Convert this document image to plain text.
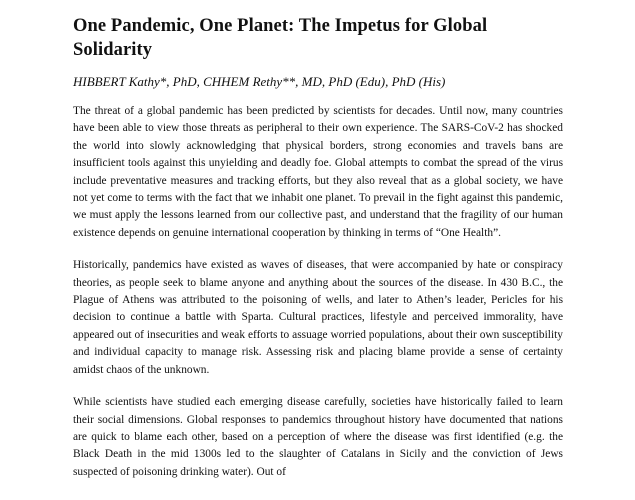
One Pandemic, One Planet: The Impetus for Global Solidarity

HIBBERT Kathy*, PhD, CHHEM Rethy**, MD, PhD (Edu), PhD (His)

The threat of a global pandemic has been predicted by scientists for decades. Until now, many countries have been able to view those threats as peripheral to their own experience. The SARS-CoV-2 has shocked the world into slowly acknowledging that physical borders, strong economies and travels bans are insufficient tools against this unyielding and deadly foe. Global attempts to combat the spread of the virus include preventative measures and tracking efforts, but they also reveal that as a global society, we have not yet come to terms with the fact that we inhabit one planet. To prevail in the fight against this pandemic, we must apply the lessons learned from our collective past, and understand that the fragility of our human existence depends on genuine international cooperation by thinking in terms of “One Health”.

Historically, pandemics have existed as waves of diseases, that were accompanied by hate or conspiracy theories, as people seek to blame anyone and anything about the sources of the disease. In 430 B.C., the Plague of Athens was attributed to the poisoning of wells, and later to Athen’s leader, Pericles for his decision to continue a battle with Sparta. Cultural practices, lifestyle and perceived immorality, have appeared out of insecurities and weak efforts to assuage worried populations, about their own susceptibility and individual capacity to manage risk. Assessing risk and placing blame provide a sense of certainty amidst chaos of the unknown.

While scientists have studied each emerging disease carefully, societies have historically failed to learn their social dimensions. Global responses to pandemics throughout history have documented that nations are quick to blame each other, based on a perception of where the disease was first identified (e.g. the Black Death in the mid 1300s led to the slaughter of Catalans in Sicily and the conviction of Jews suspected of poisoning drinking water). Out of
